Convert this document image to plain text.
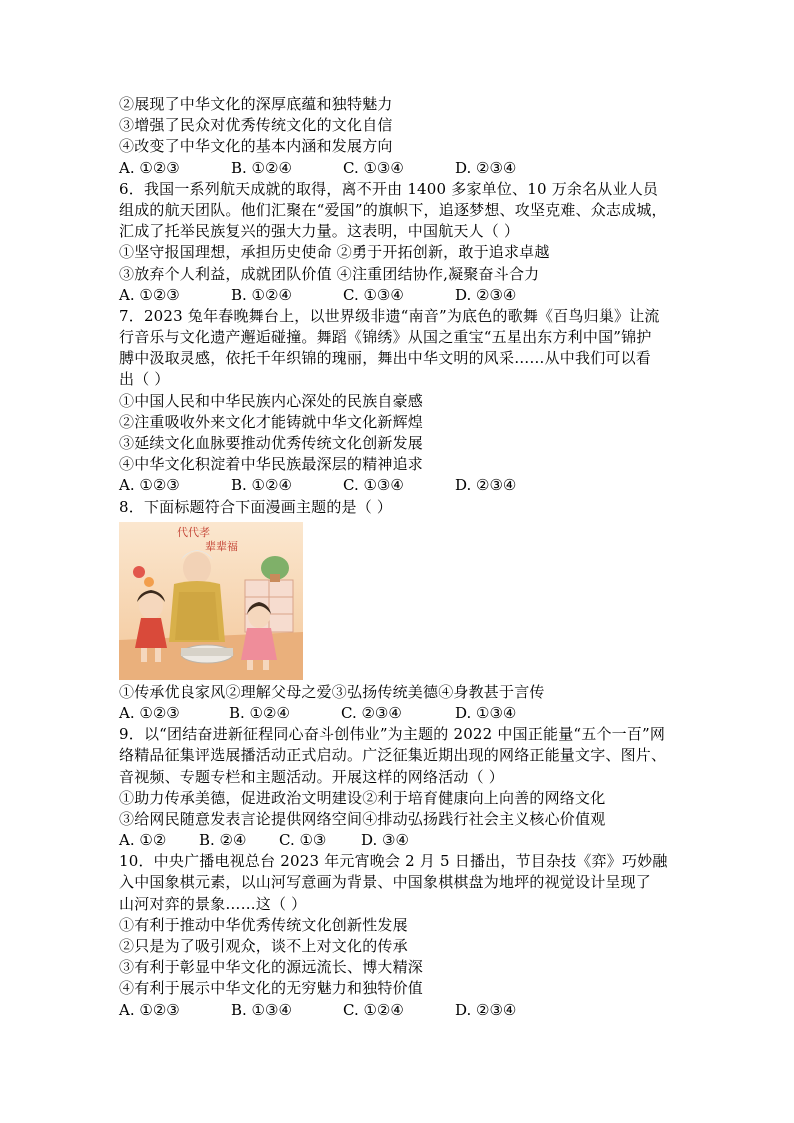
②展现了中华文化的深厚底蕴和独特魅力
③增强了民众对优秀传统文化的文化自信
④改变了中华文化的基本内涵和发展方向
A. ①②③	B. ①②④	C. ①③④	D. ②③④
6．我国一系列航天成就的取得，离不开由 1400 多家单位、10 万余名从业人员
组成的航天团队。他们汇聚在“爱国”的旗帜下，追逐梦想、攻坚克难、众志成城，
汇成了托举民族复兴的强大力量。这表明，中国航天人（ ）
①坚守报国理想，承担历史使命 ②勇于开拓创新，敢于追求卓越
③放弃个人利益，成就团队价值 ④注重团结协作,凝聚奋斗合力
A. ①②③	B. ①②④	C. ①③④	D. ②③④
7．2023 兔年春晚舞台上，以世界级非遗“南音”为底色的歌舞《百鸟归巢》让流
行音乐与文化遗产邂逅碰撞。舞蹈《锦绣》从国之重宝“五星出东方利中国”锦护
膊中汲取灵感，依托千年织锦的瑰丽，舞出中华文明的风采……从中我们可以看
出（ ）
①中国人民和中华民族内心深处的民族自豪感
②注重吸收外来文化才能铸就中华文化新辉煌
③延续文化血脉要推动优秀传统文化创新发展
④中华文化积淀着中华民族最深层的精神追求
A. ①②③	B. ①②④	C. ①③④	D. ②③④
8．下面标题符合下面漫画主题的是（ ）
代代孝
辈辈福
①传承优良家风②理解父母之爱③弘扬传统美德④身教甚于言传
A. ①②③	B. ①②④	C. ②③④	D. ①③④
9．以“团结奋进新征程同心奋斗创伟业”为主题的 2022 中国正能量“五个一百”网
络精品征集评选展播活动正式启动。广泛征集近期出现的网络正能量文字、图片、
音视频、专题专栏和主题活动。开展这样的网络活动（ ）
①助力传承美德，促进政治文明建设②利于培育健康向上向善的网络文化
③给网民随意发表言论提供网络空间④排动弘扬践行社会主义核心价值观
A. ①②	B. ②④	C. ①③	D. ③④
10．中央广播电视总台 2023 年元宵晚会 2 月 5 日播出，节目杂技《弈》巧妙融
入中国象棋元素，以山河写意画为背景、中国象棋棋盘为地坪的视觉设计呈现了
山河对弈的景象……这（ ）
①有利于推动中华优秀传统文化创新性发展
②只是为了吸引观众，谈不上对文化的传承
③有利于彰显中华文化的源远流长、博大精深
④有利于展示中华文化的无穷魅力和独特价值
A. ①②③	B. ①③④	C. ①②④	D. ②③④
